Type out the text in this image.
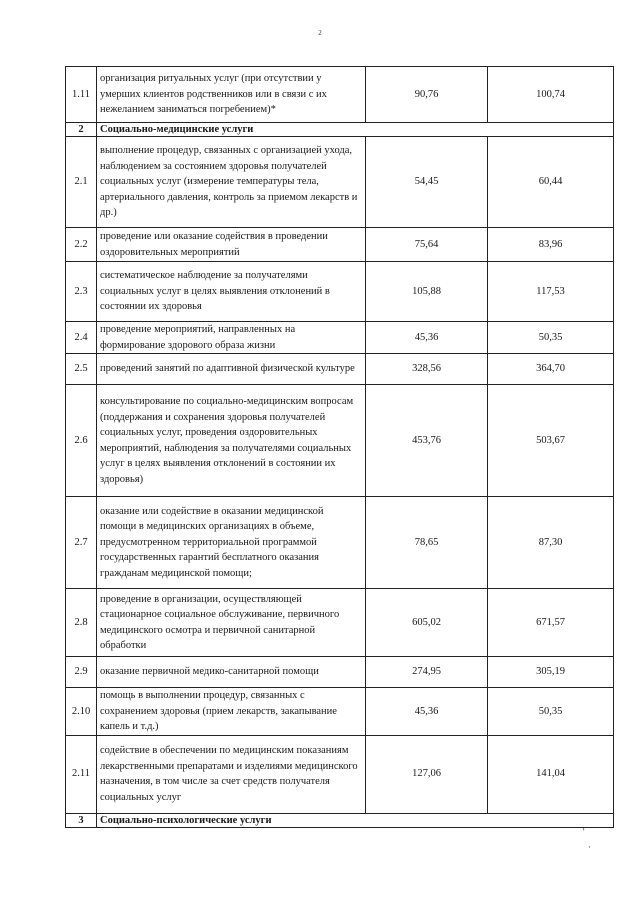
2
1.11	организация ритуальных услуг (при отсутствии у умерших клиентов родственников или в связи с их нежеланием заниматься погребением)*	90,76	100,74
2	Социально-медицинские услуги		
2.1	выполнение процедур, связанных с организацией ухода, наблюдением за состоянием здоровья получателей социальных услуг (измерение температуры тела, артериального давления, контроль за приемом лекарств и др.)	54,45	60,44
2.2	проведение или оказание содействия в проведении оздоровительных мероприятий	75,64	83,96
2.3	систематическое наблюдение за получателями социальных услуг в целях выявления отклонений в состоянии их здоровья	105,88	117,53
2.4	проведение мероприятий, направленных на формирование здорового образа жизни	45,36	50,35
2.5	проведений занятий по адаптивной физической культуре	328,56	364,70
2.6	консультирование по социально-медицинским вопросам (поддержания и сохранения здоровья получателей социальных услуг, проведения оздоровительных мероприятий, наблюдения за получателями социальных услуг в целях выявления отклонений в состоянии их здоровья)	453,76	503,67
2.7	оказание или содействие в оказании медицинской помощи в медицинских организациях в объеме, предусмотренном территориальной программой государственных гарантий бесплатного оказания гражданам медицинской помощи;	78,65	87,30
2.8	проведение в организации, осуществляющей стационарное социальное обслуживание, первичного медицинского осмотра и первичной санитарной обработки	605,02	671,57
2.9	оказание первичной медико-санитарной помощи	274,95	305,19
2.10	помощь в выполнении процедур, связанных с сохранением здоровья (прием лекарств, закапывание капель и т.д.)	45,36	50,35
2.11	содействие в обеспечении по медицинским показаниям лекарственными препаратами и изделиями медицинского назначения, в том числе за счет средств получателя социальных услуг	127,06	141,04
3	Социально-психологические услуги		
’
·
